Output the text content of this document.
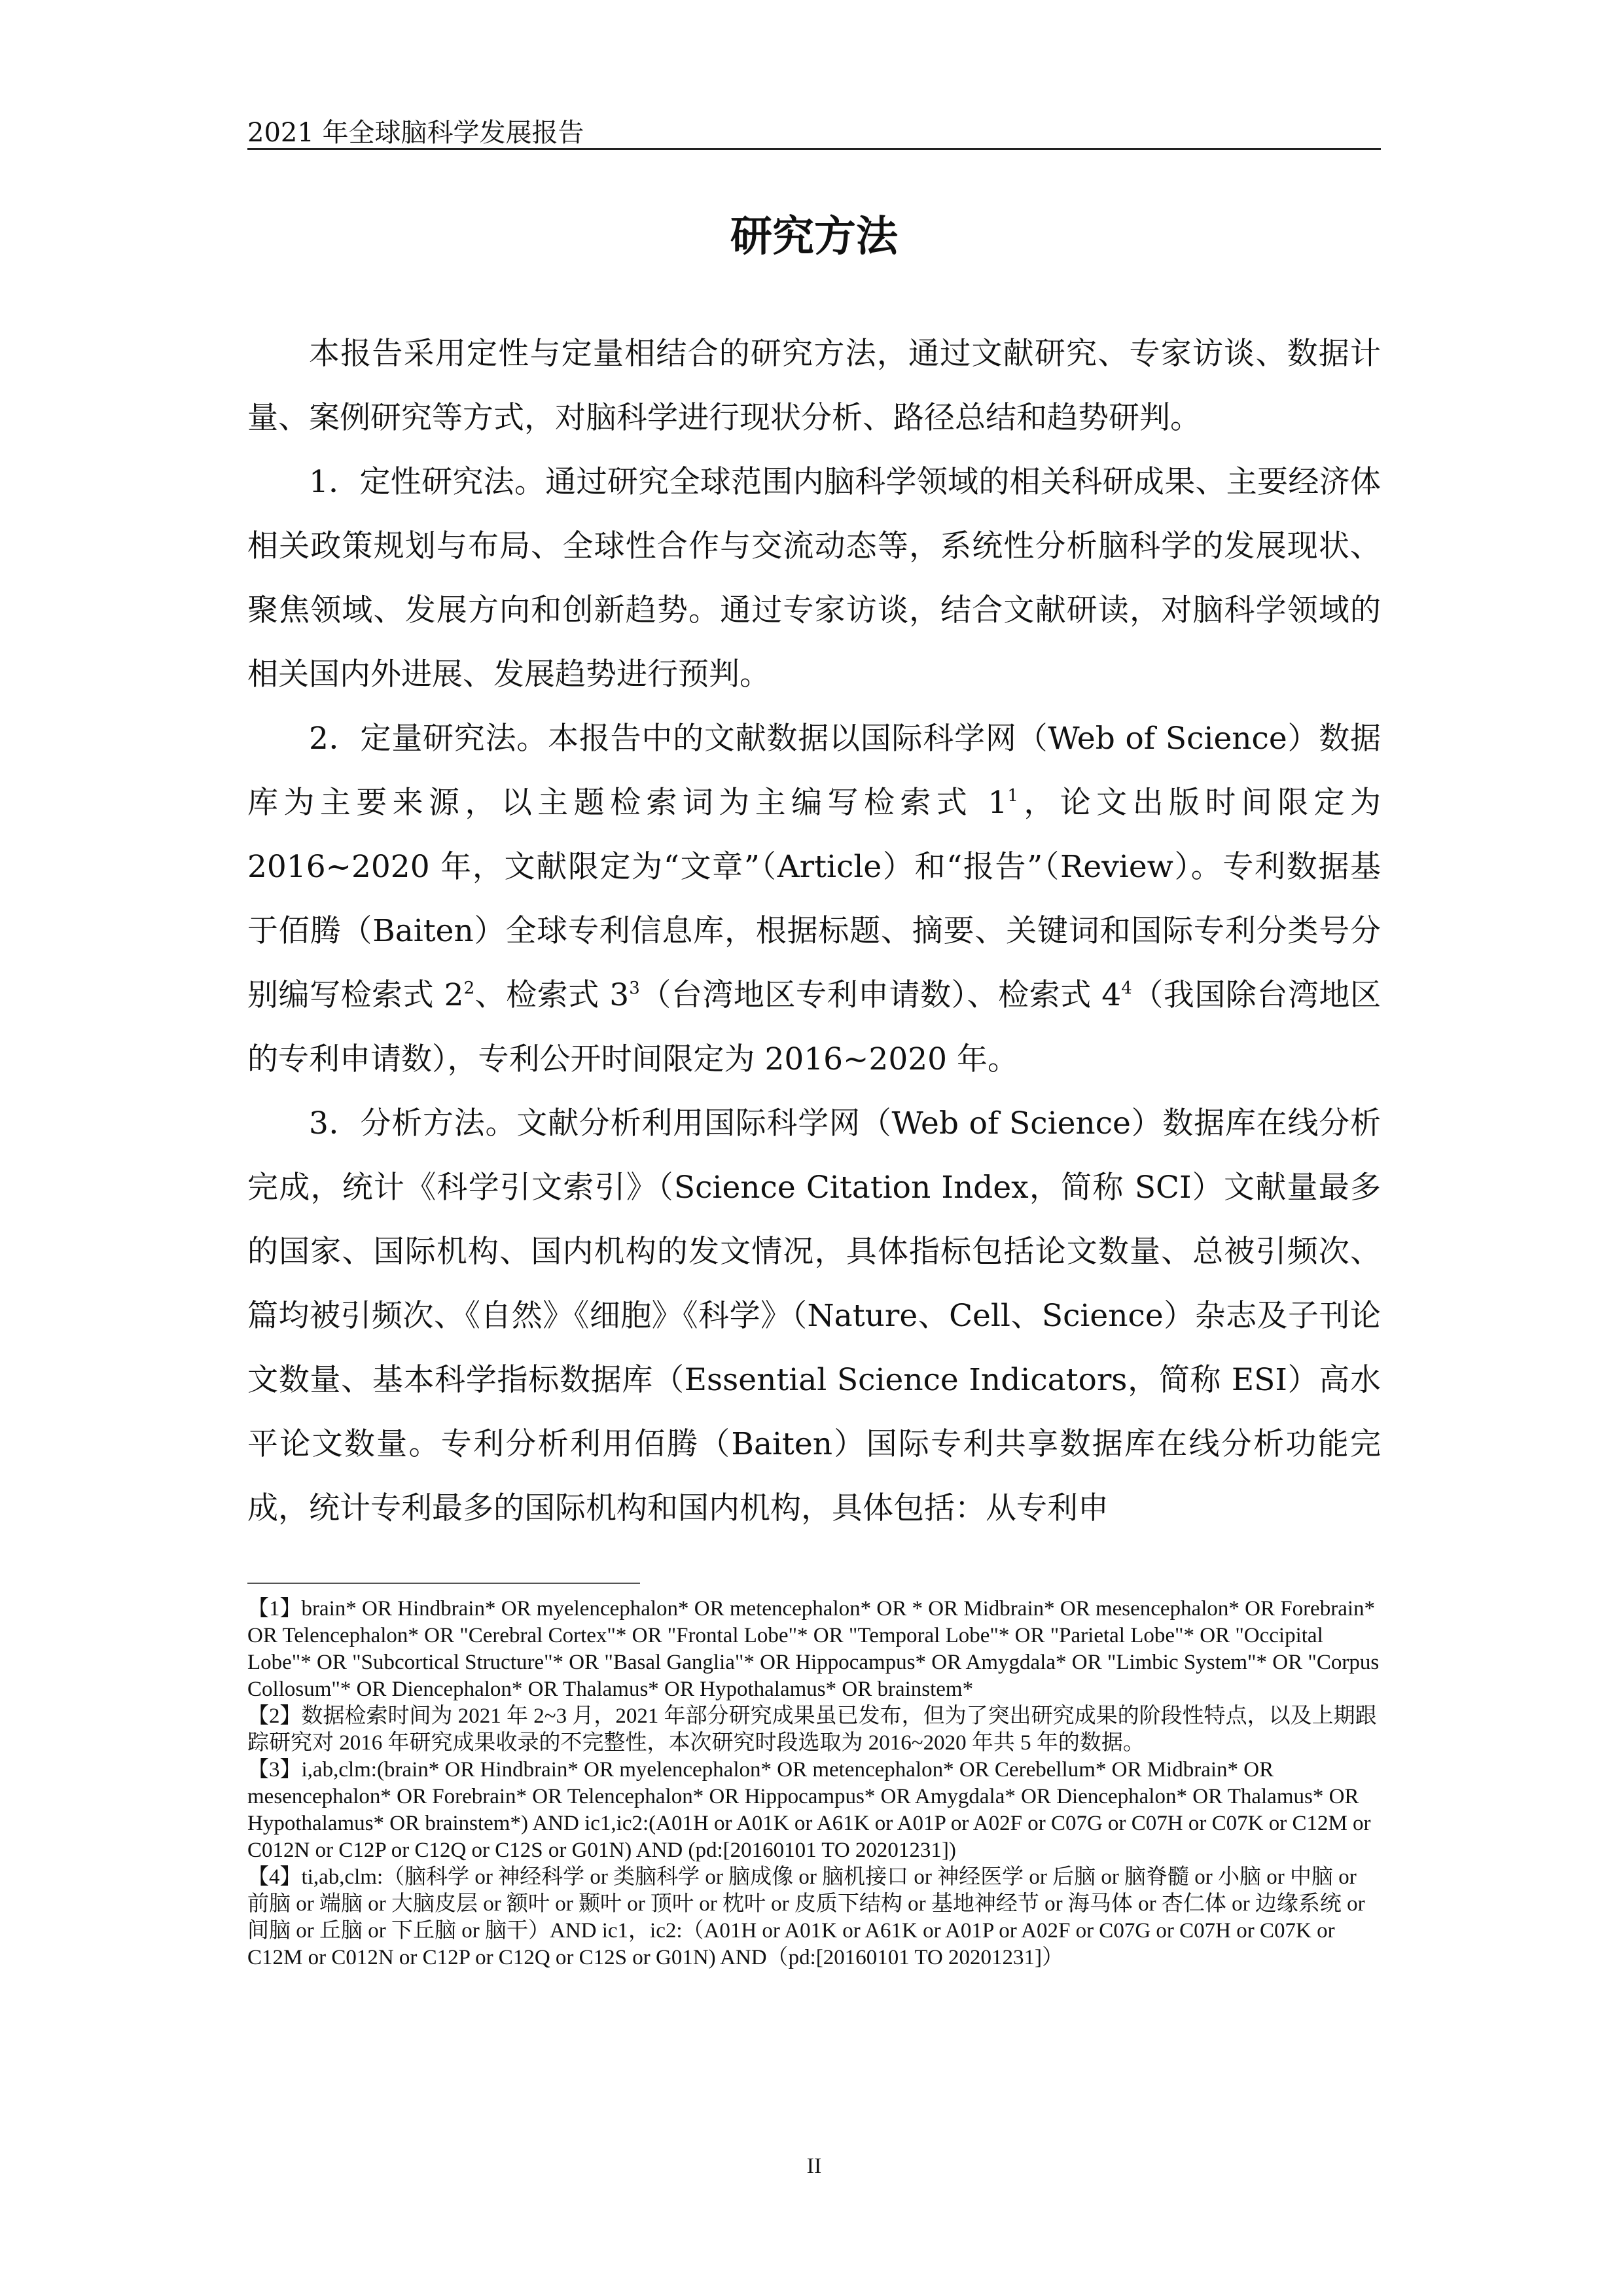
2021 年全球脑科学发展报告
研究方法

本报告采用定性与定量相结合的研究方法，通过文献研究、专家访谈、数据计量、案例研究等方式，对脑科学进行现状分析、路径总结和趋势研判。

1．定性研究法。通过研究全球范围内脑科学领域的相关科研成果、主要经济体相关政策规划与布局、全球性合作与交流动态等，系统性分析脑科学的发展现状、聚焦领域、发展方向和创新趋势。通过专家访谈，结合文献研读，对脑科学领域的相关国内外进展、发展趋势进行预判。

2．定量研究法。本报告中的文献数据以国际科学网（Web of Science）数据库为主要来源，以主题检索词为主编写检索式 $1^1$，论文出版时间限定为 2016~2020 年，文献限定为“文章”（Article）和“报告”（Review）。专利数据基于佰腾（Baiten）全球专利信息库，根据标题、摘要、关键词和国际专利分类号分别编写检索式 $2^2$、检索式 $3^3$（台湾地区专利申请数）、检索式 $4^4$（我国除台湾地区的专利申请数），专利公开时间限定为 2016~2020 年。

3．分析方法。文献分析利用国际科学网（Web of Science）数据库在线分析完成，统计《科学引文索引》（Science Citation Index，简称 SCI）文献量最多的国家、国际机构、国内机构的发文情况，具体指标包括论文数量、总被引频次、篇均被引频次、《自然》《细胞》《科学》（Nature、Cell、Science）杂志及子刊论文数量、基本科学指标数据库（Essential Science Indicators，简称 ESI）高水平论文数量。专利分析利用佰腾（Baiten）国际专利共享数据库在线分析功能完成，统计专利最多的国际机构和国内机构，具体包括：从专利申

【1】brain* OR Hindbrain* OR myelencephalon* OR metencephalon* OR * OR Midbrain* OR mesencephalon* OR Forebrain* OR Telencephalon* OR "Cerebral Cortex"* OR "Frontal Lobe"* OR "Temporal Lobe"* OR "Parietal Lobe"* OR "Occipital Lobe"* OR "Subcortical Structure"* OR "Basal Ganglia"* OR Hippocampus* OR Amygdala* OR "Limbic System"* OR "Corpus Collosum"* OR Diencephalon* OR Thalamus* OR Hypothalamus* OR brainstem*

【2】数据检索时间为 2021 年 2~3 月，2021 年部分研究成果虽已发布，但为了突出研究成果的阶段性特点，以及上期跟踪研究对 2016 年研究成果收录的不完整性，本次研究时段选取为 2016~2020 年共 5 年的数据。

【3】i,ab,clm:(brain* OR Hindbrain* OR myelencephalon* OR metencephalon* OR Cerebellum* OR Midbrain* OR mesencephalon* OR Forebrain* OR Telencephalon* OR Hippocampus* OR Amygdala* OR Diencephalon* OR Thalamus* OR Hypothalamus* OR brainstem*) AND ic1,ic2:(A01H or A01K or A61K or A01P or A02F or C07G or C07H or C07K or C12M or C012N or C12P or C12Q or C12S or G01N) AND (pd:[20160101 TO 20201231])

【4】ti,ab,clm:（脑科学 or 神经科学 or 类脑科学 or 脑成像 or 脑机接口 or 神经医学 or 后脑 or 脑脊髓 or 小脑 or 中脑 or 前脑 or 端脑 or 大脑皮层 or 额叶 or 颞叶 or 顶叶 or 枕叶 or 皮质下结构 or 基地神经节 or 海马体 or 杏仁体 or 边缘系统 or 间脑 or 丘脑 or 下丘脑 or 脑干）AND ic1，ic2:（A01H or A01K or A61K or A01P or A02F or C07G or C07H or C07K or C12M or C012N or C12P or C12Q or C12S or G01N) AND（pd:[20160101 TO 20201231]）

II
